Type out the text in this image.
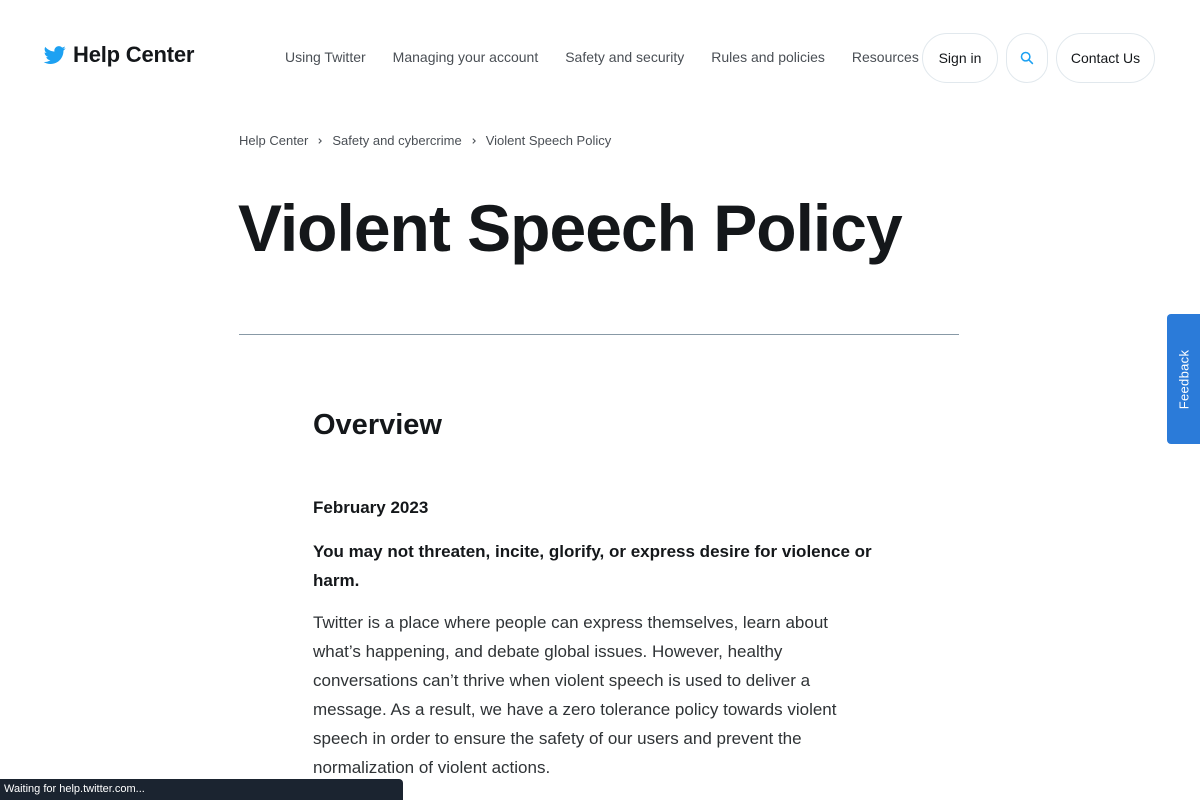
Help Center	Using Twitter Managing your account Safety and security Rules and policies Resources	Sign in	Contact Us
Help Center Safety and cybercrime Violent Speech Policy
Violent Speech Policy
Overview

February 2023

You may not threaten, incite, glorify, or express desire for violence or harm.

Twitter is a place where people can express themselves, learn about what’s happening, and debate global issues. However, healthy conversations can’t thrive when violent speech is used to deliver a message. As a result, we have a zero tolerance policy towards violent speech in order to ensure the safety of our users and prevent the normalization of violent actions.

Feedback
Waiting for help.twitter.com...
